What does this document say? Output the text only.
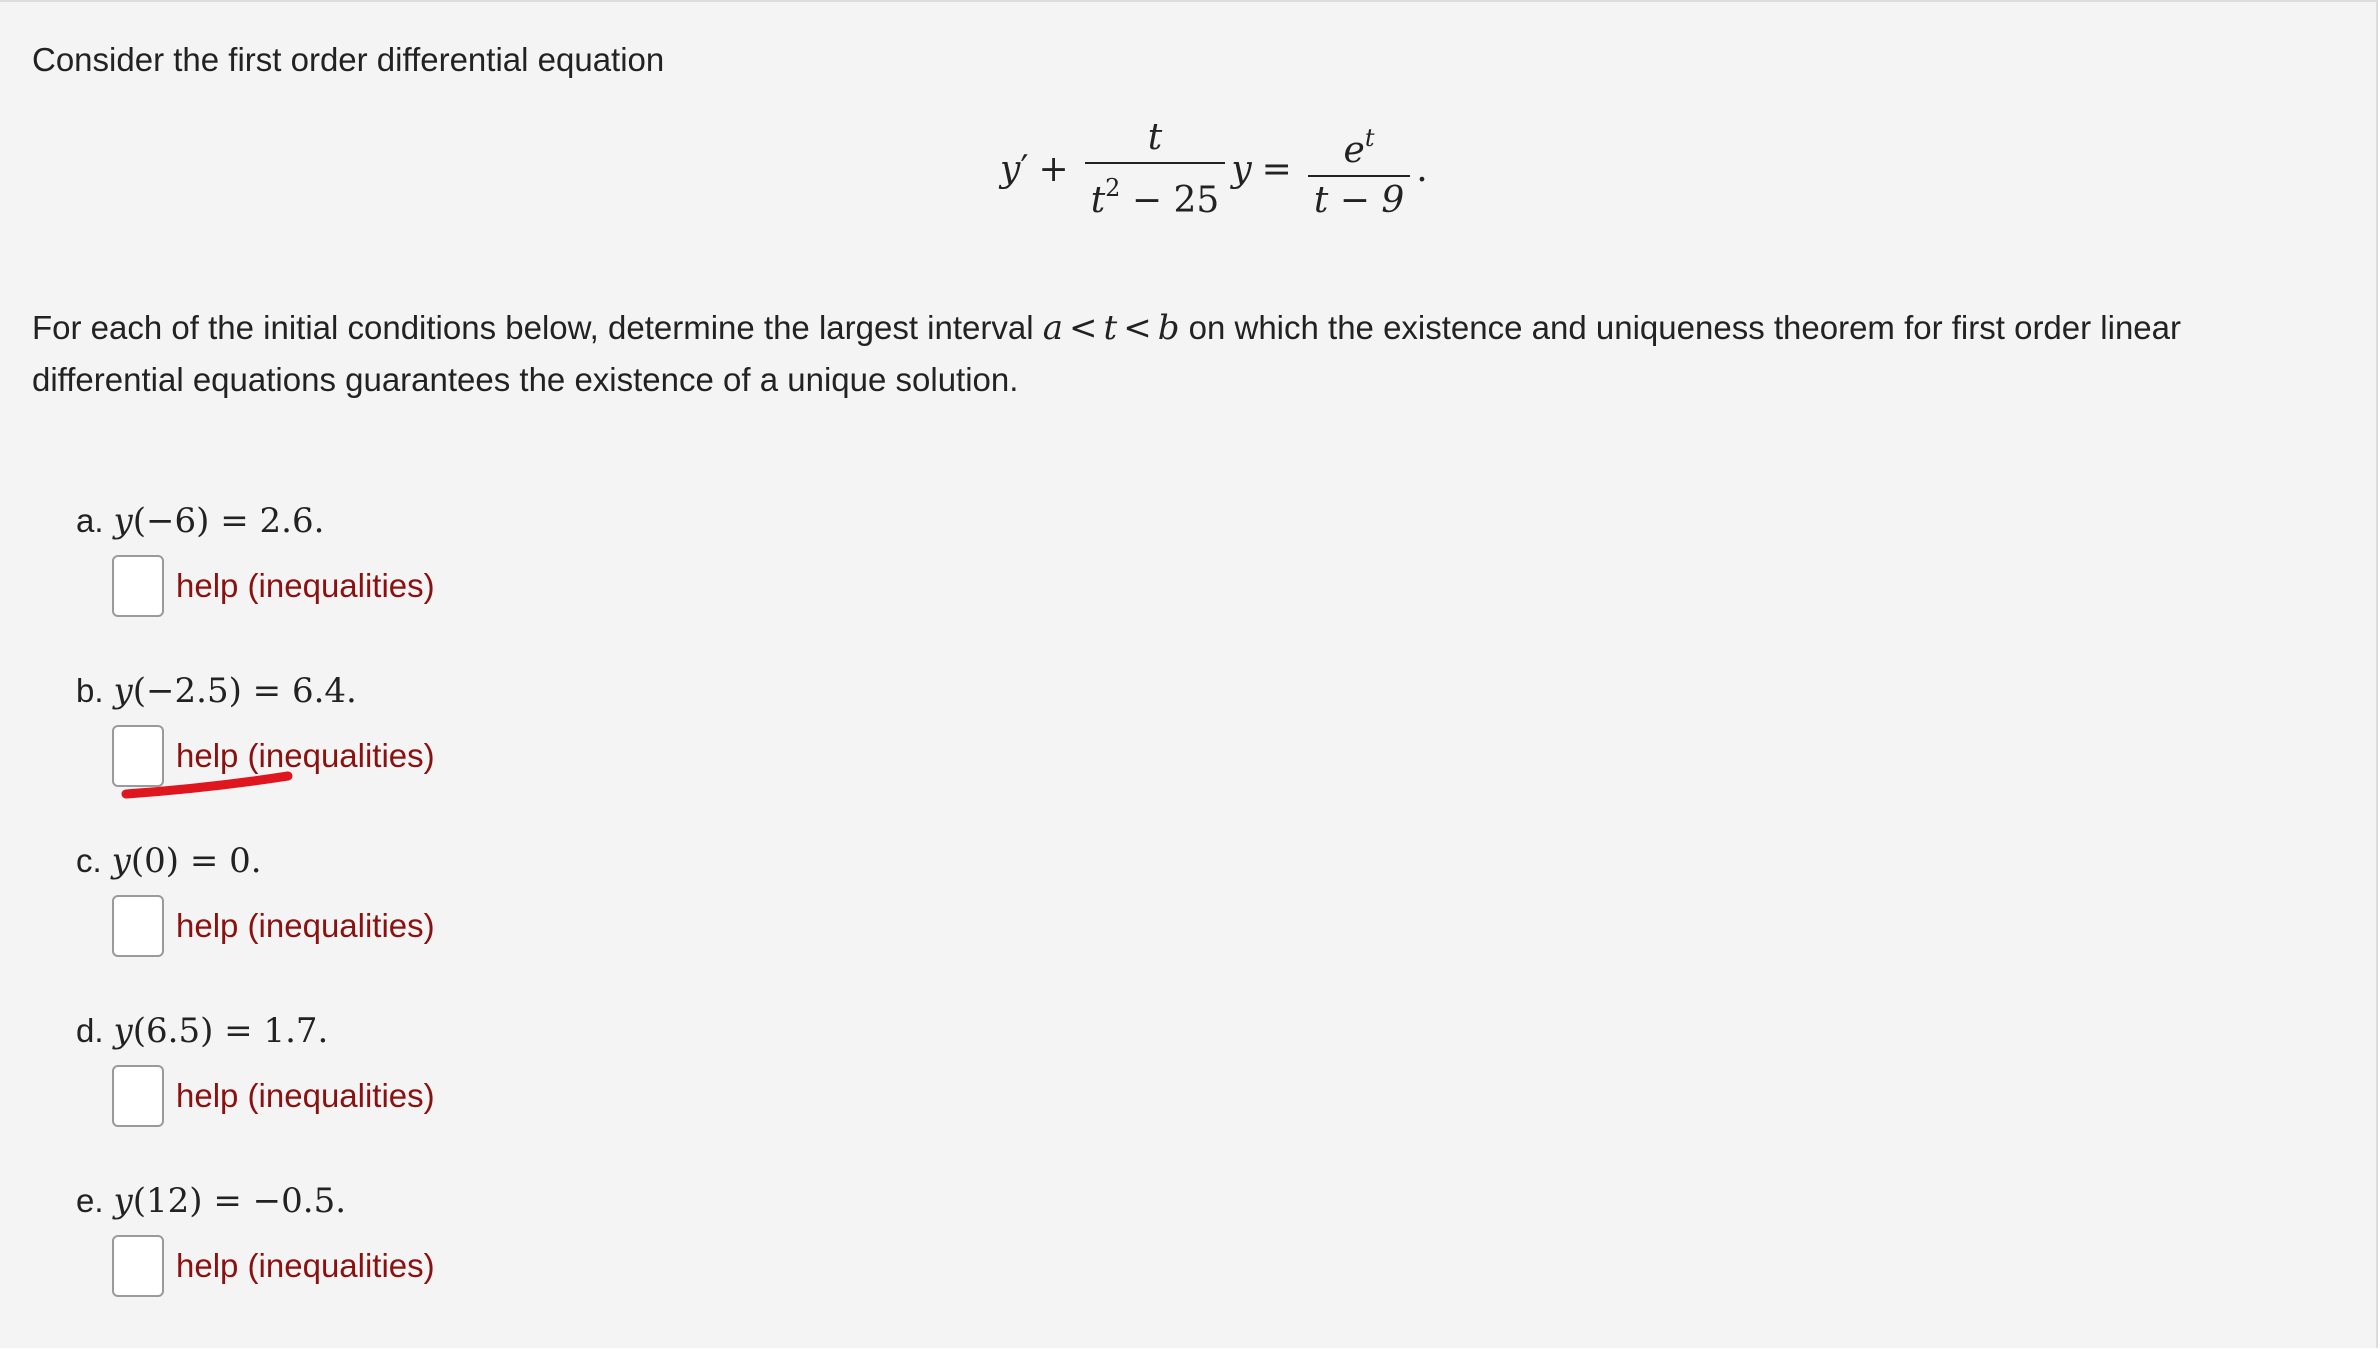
Consider the first order differential equation

y ′ + $\frac{t}{t^2 - 25}$ $y = \frac{e^t}{t - 9}$ .

For each of the initial conditions below, determine the largest interval a < t < b on which the existence and uniqueness theorem for first order linear differential equations guarantees the existence of a unique solution.

a. y(−6) = 2.6.
help (inequalities)
b. y(−2.5) = 6.4.
help (inequalities)
c. y(0) = 0.
help (inequalities)
d. y(6.5) = 1.7.
help (inequalities)
e. y(12) = −0.5.
help (inequalities)
